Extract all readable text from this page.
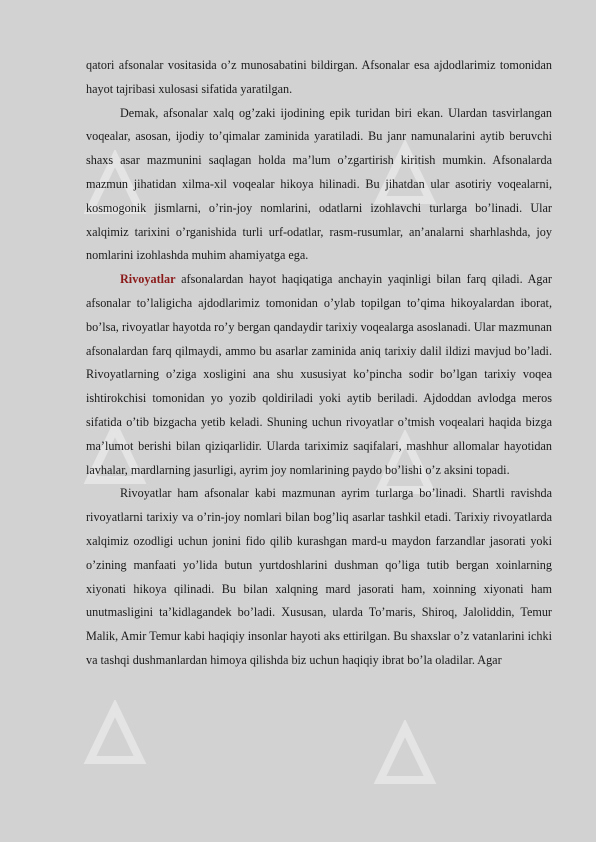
qatori afsonalar vositasida o’z munosabatini bildirgan. Afsonalar esa ajdodlarimiz tomonidan hayot tajribasi xulosasi sifatida yaratilgan.

Demak, afsonalar xalq og’zaki ijodining epik turidan biri ekan. Ulardan tasvirlangan voqealar, asosan, ijodiy to’qimalar zaminida yaratiladi. Bu janr namunalarini aytib beruvchi shaxs asar mazmunini saqlagan holda ma’lum o’zgartirish kiritish mumkin. Afsonalarda mazmun jihatidan xilma-xil voqealar hikoya hilinadi. Bu jihatdan ular asotiriy voqealarni, kosmogonik jismlarni, o’rin-joy nomlarini, odatlarni izohlavchi turlarga bo’linadi. Ular xalqimiz tarixini o’rganishida turli urf-odatlar, rasm-rusumlar, an’analarni sharhlashda, joy nomlarini izohlashda muhim ahamiyatga ega.

Rivoyatlar afsonalardan hayot haqiqatiga anchayin yaqinligi bilan farq qiladi. Agar afsonalar to’laligicha ajdodlarimiz tomonidan o’ylab topilgan to’qima hikoyalardan iborat, bo’lsa, rivoyatlar hayotda ro’y bergan qandaydir tarixiy voqealarga asoslanadi. Ular mazmunan afsonalardan farq qilmaydi, ammo bu asarlar zaminida aniq tarixiy dalil ildizi mavjud bo’ladi. Rivoyatlarning o’ziga xosligini ana shu xususiyat ko’pincha sodir bo’lgan tarixiy voqea ishtirokchisi tomonidan yo yozib qoldiriladi yoki aytib beriladi. Ajdoddan avlodga meros sifatida o’tib bizgacha yetib keladi. Shuning uchun rivoyatlar o’tmish voqealari haqida bizga ma’lumot berishi bilan qiziqarlidir. Ularda tariximiz saqifalari, mashhur allomalar hayotidan lavhalar, mardlarning jasurligi, ayrim joy nomlarining paydo bo’lishi o’z aksini topadi.

Rivoyatlar ham afsonalar kabi mazmunan ayrim turlarga bo’linadi. Shartli ravishda rivoyatlarni tarixiy va o’rin-joy nomlari bilan bog’liq asarlar tashkil etadi. Tarixiy rivoyatlarda xalqimiz ozodligi uchun jonini fido qilib kurashgan mard-u maydon farzandlar jasorati yoki o’zining manfaati yo’lida butun yurtdoshlarini dushman qo’liga tutib bergan xoinlarning xiyonati hikoya qilinadi. Bu bilan xalqning mard jasorati ham, xoinning xiyonati ham unutmasligini ta’kidlagandek bo’ladi. Xususan, ularda To’maris, Shiroq, Jaloliddin, Temur Malik, Amir Temur kabi haqiqiy insonlar hayoti aks ettirilgan. Bu shaxslar o’z vatanlarini ichki va tashqi dushmanlardan himoya qilishda biz uchun haqiqiy ibrat bo’la oladilar. Agar
